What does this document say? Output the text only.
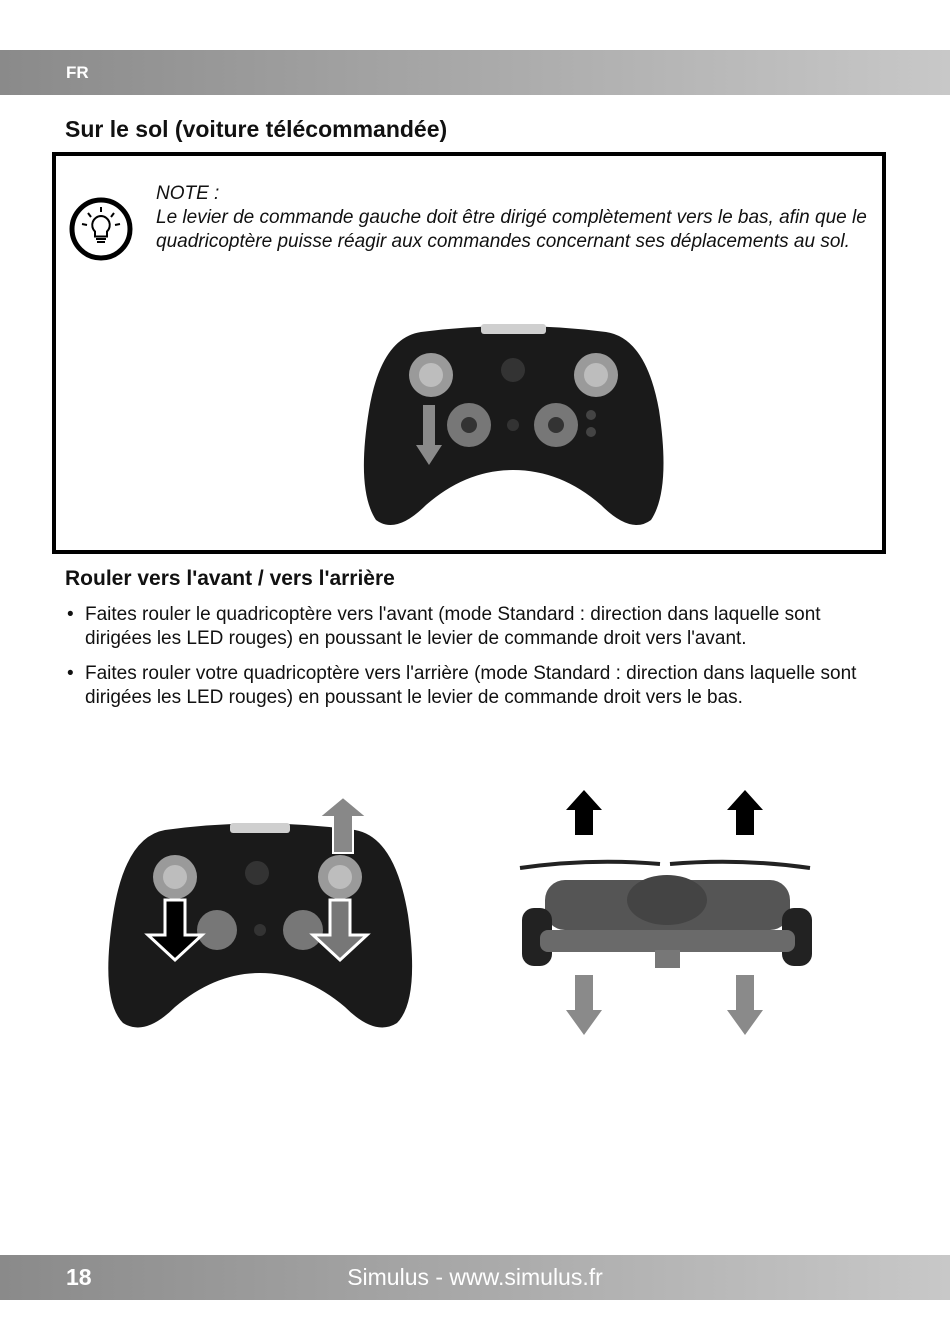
FR
Sur le sol (voiture télécommandée)

NOTE :

Le levier de commande gauche doit être dirigé complètement vers le bas, afin que le quadricoptère puisse réagir aux commandes concernant ses déplacements au sol.

Rouler vers l'avant / vers l'arrière
• Faites rouler le quadricoptère vers l'avant (mode Standard : direction dans laquelle sont dirigées les LED rouges) en poussant le levier de commande droit vers l'avant.
• Faites rouler votre quadricoptère vers l'arrière (mode Standard : direction dans laquelle sont dirigées les LED rouges) en poussant le levier de commande droit vers le bas.
18	Simulus - www.simulus.fr
